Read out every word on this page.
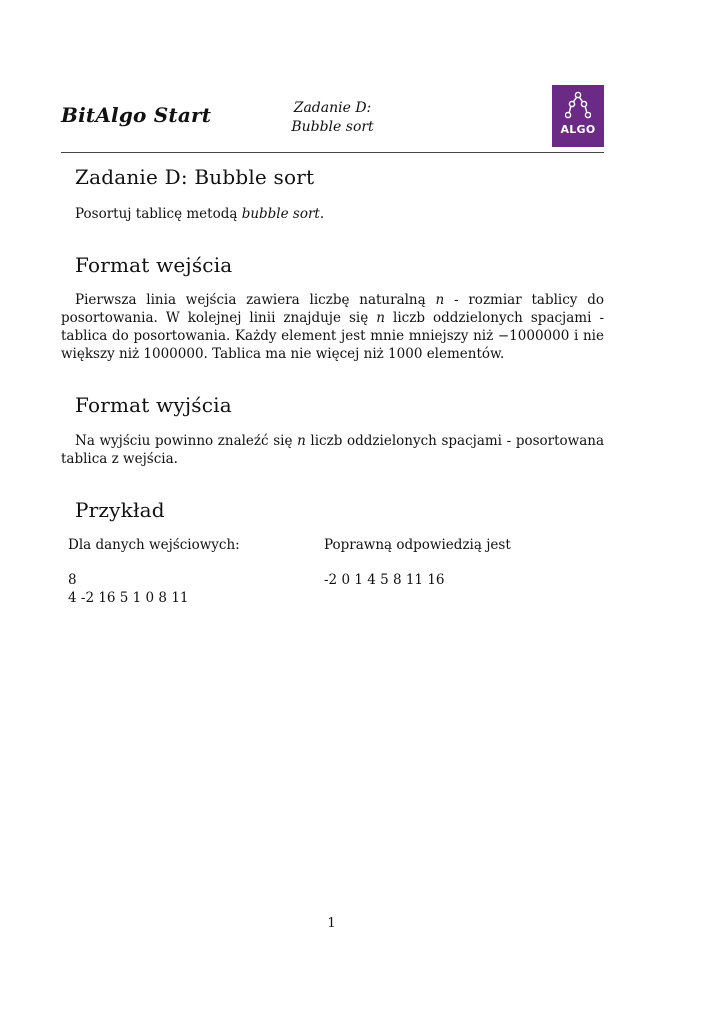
BitAlgo Start	Zadanie D:
Bubble sort	ALGO
Zadanie D: Bubble sort
Posortuj tablicę metodą bubble sort.
Format wejścia
Pierwsza linia wejścia zawiera liczbę naturalną n - rozmiar tablicy do posortowania. W kolejnej linii znajduje się n liczb oddzielonych spacjami - tablica do posortowania. Każdy element jest mnie mniejszy niż −1000000 i nie większy niż 1000000. Tablica ma nie więcej niż 1000 elementów.
Format wyjścia
Na wyjściu powinno znaleźć się n liczb oddzielonych spacjami - posortowana tablica z wejścia.
Przykład
Dla danych wejściowych:
8
4 -2 16 5 1 0 8 11
Poprawną odpowiedzią jest
-2 0 1 4 5 8 11 16
1
